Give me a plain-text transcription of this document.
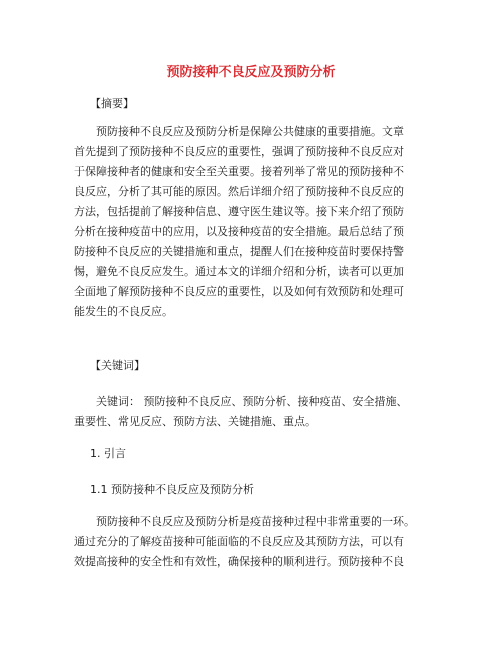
预防接种不良反应及预防分析
【摘要】
预防接种不良反应及预防分析是保障公共健康的重要措施。文章
首先提到了预防接种不良反应的重要性，强调了预防接种不良反应对
于保障接种者的健康和安全至关重要。接着列举了常见的预防接种不
良反应，分析了其可能的原因。然后详细介绍了预防接种不良反应的
方法，包括提前了解接种信息、遵守医生建议等。接下来介绍了预防
分析在接种疫苗中的应用，以及接种疫苗的安全措施。最后总结了预
防接种不良反应的关键措施和重点，提醒人们在接种疫苗时要保持警
惕，避免不良反应发生。通过本文的详细介绍和分析，读者可以更加
全面地了解预防接种不良反应的重要性，以及如何有效预防和处理可
能发生的不良反应。
【关键词】
关键词： 预防接种不良反应、预防分析、接种疫苗、安全措施、
重要性、常见反应、预防方法、关键措施、重点。
1. 引言
1.1 预防接种不良反应及预防分析
预防接种不良反应及预防分析是疫苗接种过程中非常重要的一环。
通过充分的了解疫苗接种可能面临的不良反应及其预防方法，可以有
效提高接种的安全性和有效性，确保接种的顺利进行。预防接种不良
